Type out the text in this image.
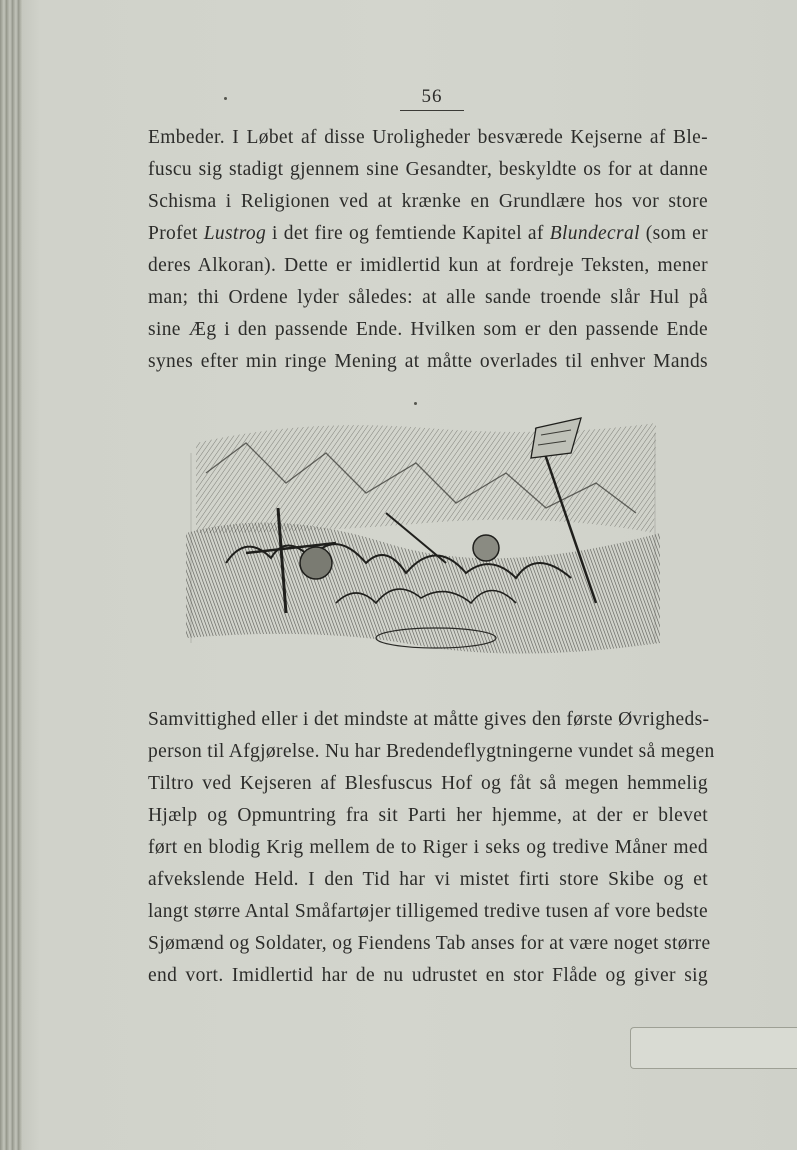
56
Embeder. I Løbet af disse Uroligheder besværede Kejserne af Ble-
fuscu sig stadigt gjennem sine Gesandter, beskyldte os for at danne
Schisma i Religionen ved at krænke en Grundlære hos vor store
Profet Lustrog i det fire og femtiende Kapitel af Blundecral (som er
deres Alkoran). Dette er imidlertid kun at fordreje Teksten, mener
man; thi Ordene lyder således: at alle sande troende slår Hul på
sine Æg i den passende Ende. Hvilken som er den passende Ende
synes efter min ringe Mening at måtte overlades til enhver Mands
Samvittighed eller i det mindste at måtte gives den første Øvrigheds-
person til Afgjørelse. Nu har Bredendeflygtningerne vundet så megen
Tiltro ved Kejseren af Blesfuscus Hof og fåt så megen hemmelig
Hjælp og Opmuntring fra sit Parti her hjemme, at der er blevet
ført en blodig Krig mellem de to Riger i seks og tredive Måner med
afvekslende Held. I den Tid har vi mistet firti store Skibe og et
langt større Antal Småfartøjer tilligemed tredive tusen af vore bedste
Sjømænd og Soldater, og Fiendens Tab anses for at være noget større
end vort. Imidlertid har de nu udrustet en stor Flåde og giver sig
